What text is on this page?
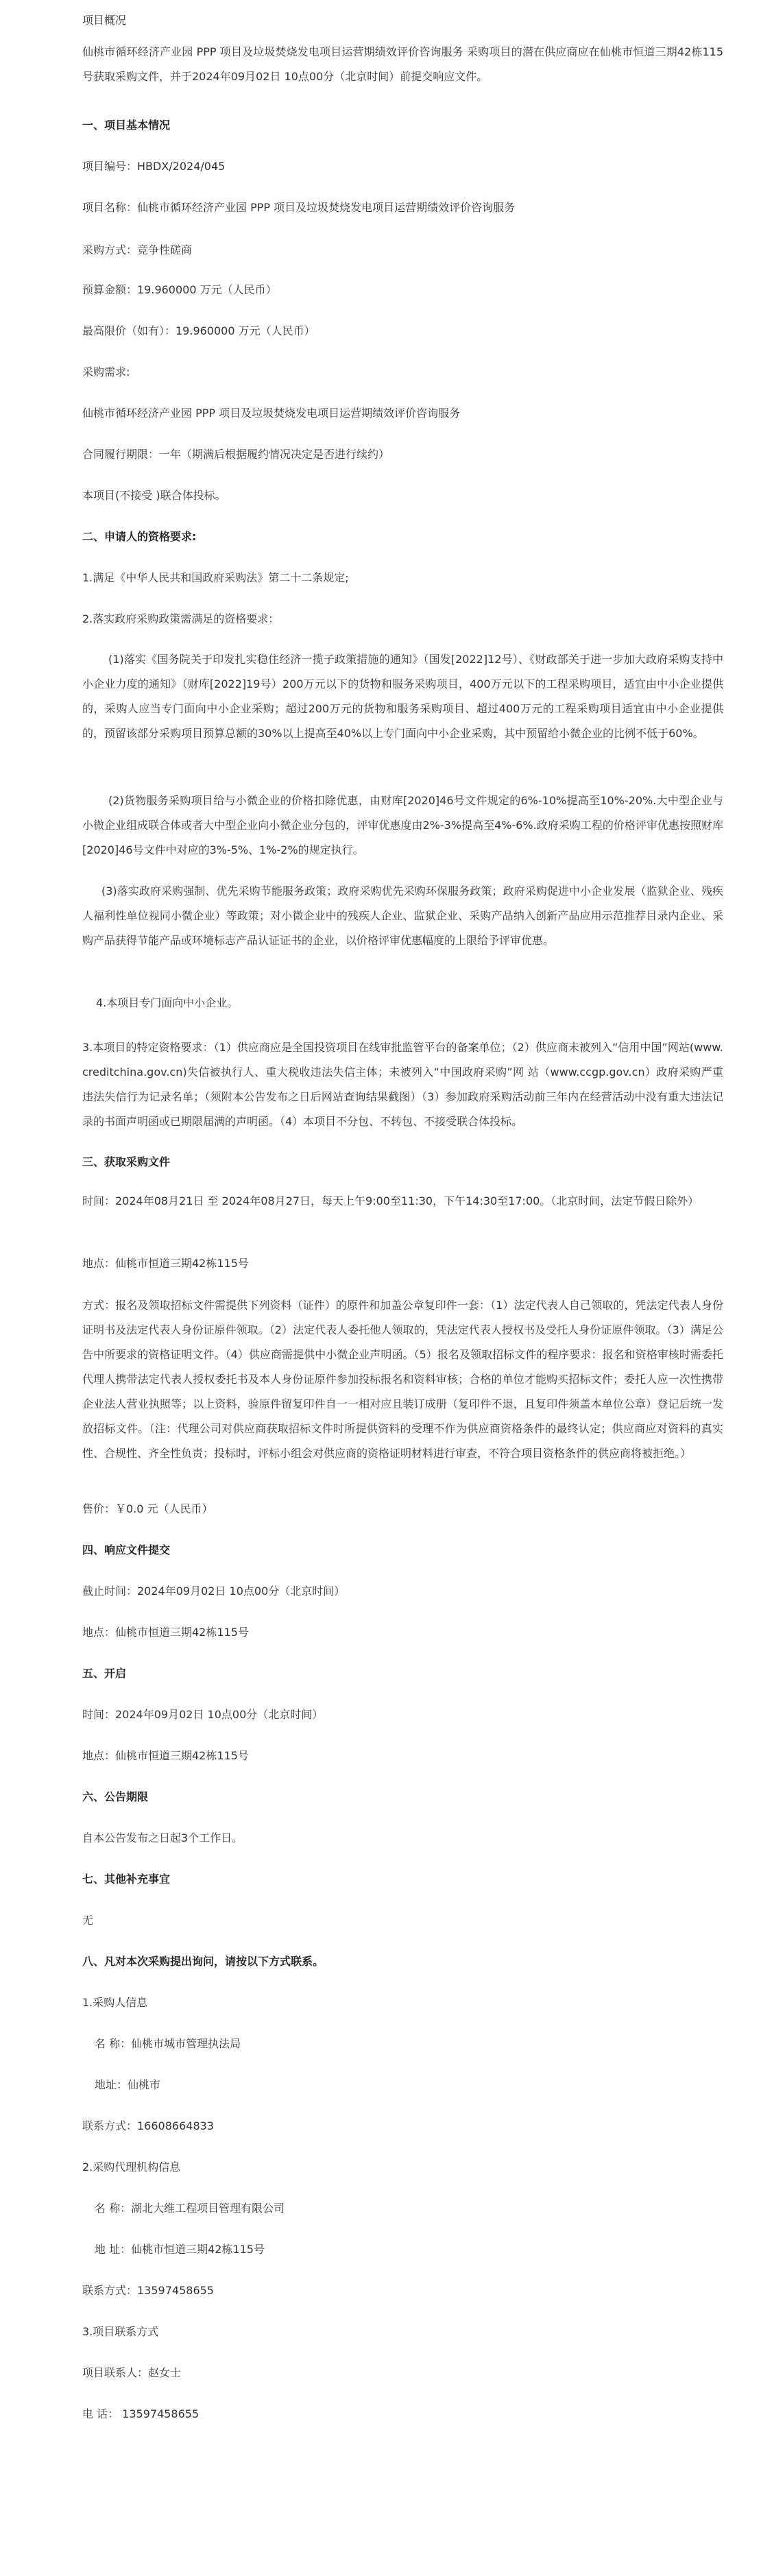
项目概况

仙桃市循环经济产业园 PPP 项目及垃圾焚烧发电项目运营期绩效评价咨询服务 采购项目的潜在供应商应在仙桃市恒道三期42栋115号获取采购文件，并于2024年09月02日 10点00分（北京时间）前提交响应文件。

一、项目基本情况

项目编号：HBDX/2024/045

项目名称：仙桃市循环经济产业园 PPP 项目及垃圾焚烧发电项目运营期绩效评价咨询服务

采购方式：竞争性磋商

预算金额：19.960000 万元（人民币）

最高限价（如有）：19.960000 万元（人民币）

采购需求:

仙桃市循环经济产业园 PPP 项目及垃圾焚烧发电项目运营期绩效评价咨询服务

合同履行期限：一年（期满后根据履约情况决定是否进行续约）

本项目(不接受 )联合体投标。

二、申请人的资格要求:

1.满足《中华人民共和国政府采购法》第二十二条规定;

2.落实政府采购政策需满足的资格要求：

(1)落实《国务院关于印发扎实稳住经济一揽子政策措施的通知》（国发[2022]12号）、《财政部关于进一步加大政府采购支持中小企业力度的通知》（财库[2022]19号）200万元以下的货物和服务采购项目，400万元以下的工程采购项目，适宜由中小企业提供的，采购人应当专门面向中小企业采购；超过200万元的货物和服务采购项目、超过400万元的工程采购项目适宜由中小企业提供的，预留该部分采购项目预算总额的30%以上提高至40%以上专门面向中小企业采购，其中预留给小微企业的比例不低于60%。

(2)货物服务采购项目给与小微企业的价格扣除优惠，由财库[2020]46号文件规定的6%-10%提高至10%-20%.大中型企业与小微企业组成联合体或者大中型企业向小微企业分包的，评审优惠度由2%-3%提高至4%-6%.政府采购工程的价格评审优惠按照财库[2020]46号文件中对应的3%-5%、1%-2%的规定执行。

(3)落实政府采购强制、优先采购节能服务政策；政府采购优先采购环保服务政策；政府采购促进中小企业发展（监狱企业、残疾人福利性单位视同小微企业）等政策；对小微企业中的残疾人企业、监狱企业、采购产品纳入创新产品应用示范推荐目录内企业、采购产品获得节能产品或环境标志产品认证证书的企业，以价格评审优惠幅度的上限给予评审优惠。

4.本项目专门面向中小企业。

3.本项目的特定资格要求：（1）供应商应是全国投资项目在线审批监管平台的备案单位；（2）供应商未被列入“信用中国”网站(www.creditchina.gov.cn)失信被执行人、重大税收违法失信主体；未被列入“中国政府采购”网 站（www.ccgp.gov.cn）政府采购严重违法失信行为记录名单；（须附本公告发布之日后网站查询结果截图）（3）参加政府采购活动前三年内在经营活动中没有重大违法记录的书面声明函或已期限届满的声明函。（4）本项目不分包、不转包、不接受联合体投标。

三、获取采购文件

时间：2024年08月21日 至 2024年08月27日，每天上午9:00至11:30，下午14:30至17:00。（北京时间，法定节假日除外）

地点：仙桃市恒道三期42栋115号

方式：报名及领取招标文件需提供下列资料（证件）的原件和加盖公章复印件一套：（1）法定代表人自己领取的，凭法定代表人身份证明书及法定代表人身份证原件领取。（2）法定代表人委托他人领取的，凭法定代表人授权书及受托人身份证原件领取。（3）满足公告中所要求的资格证明文件。（4）供应商需提供中小微企业声明函。（5）报名及领取招标文件的程序要求：报名和资格审核时需委托代理人携带法定代表人授权委托书及本人身份证原件参加投标报名和资料审核；合格的单位才能购买招标文件；委托人应一次性携带企业法人营业执照等；以上资料，验原件留复印件自一一相对应且装订成册（复印件不退，且复印件须盖本单位公章）登记后统一发放招标文件。（注：代理公司对供应商获取招标文件时所提供资料的受理不作为供应商资格条件的最终认定；供应商应对资料的真实性、合规性、齐全性负责；投标时，评标小组会对供应商的资格证明材料进行审查，不符合项目资格条件的供应商将被拒绝。）

售价：￥0.0 元（人民币）

四、响应文件提交

截止时间：2024年09月02日 10点00分（北京时间）

地点：仙桃市恒道三期42栋115号

五、开启

时间：2024年09月02日 10点00分（北京时间）

地点：仙桃市恒道三期42栋115号

六、公告期限

自本公告发布之日起3个工作日。

七、其他补充事宜

无

八、凡对本次采购提出询问，请按以下方式联系。

1.采购人信息

名 称：仙桃市城市管理执法局

地址：仙桃市

联系方式：16608664833

2.采购代理机构信息

名 称：湖北大维工程项目管理有限公司

地 址：仙桃市恒道三期42栋115号

联系方式：13597458655

3.项目联系方式

项目联系人：赵女士

电 话： 13597458655
